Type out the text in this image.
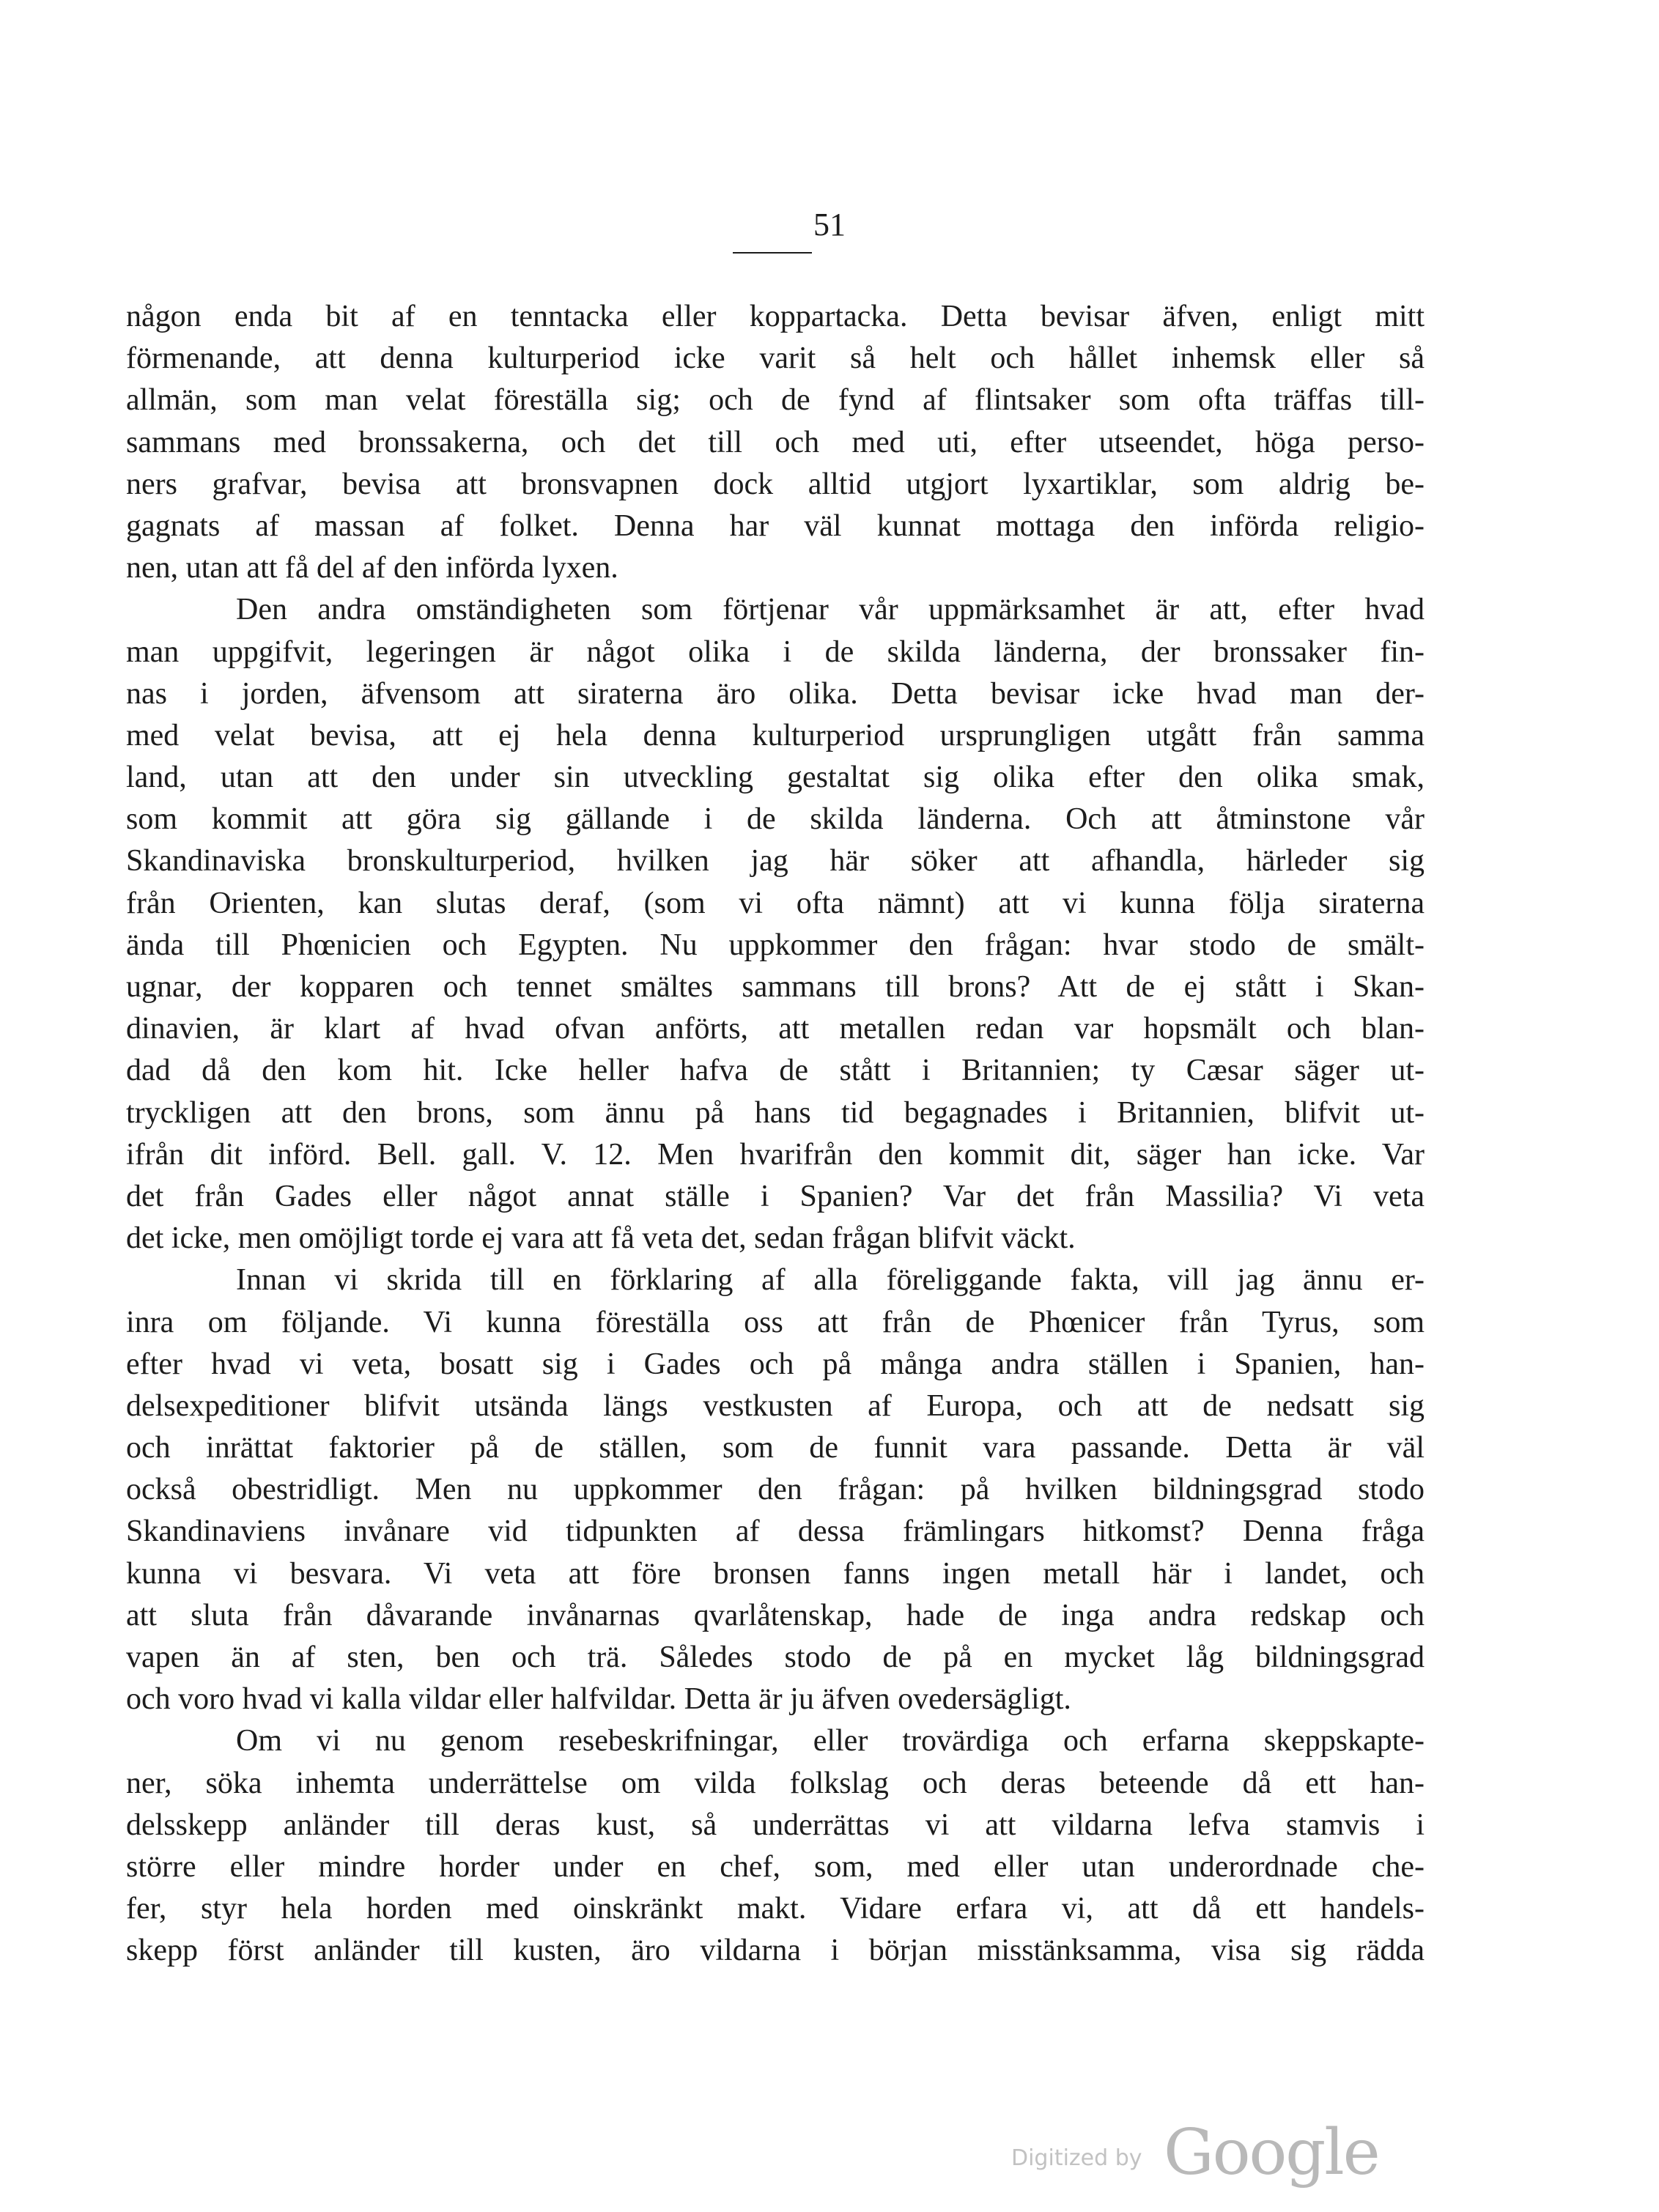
51
någon enda bit af en tenntacka eller koppartacka. Detta bevisar äfven, enligt mitt
förmenande, att denna kulturperiod icke varit så helt och hållet inhemsk eller så
allmän, som man velat föreställa sig; och de fynd af flintsaker som ofta träffas till-
sammans med bronssakerna, och det till och med uti, efter utseendet, höga perso-
ners grafvar, bevisa att bronsvapnen dock alltid utgjort lyxartiklar, som aldrig be-
gagnats af massan af folket. Denna har väl kunnat mottaga den införda religio-
nen, utan att få del af den införda lyxen.
Den andra omständigheten som förtjenar vår uppmärksamhet är att, efter hvad
man uppgifvit, legeringen är något olika i de skilda länderna, der bronssaker fin-
nas i jorden, äfvensom att siraterna äro olika. Detta bevisar icke hvad man der-
med velat bevisa, att ej hela denna kulturperiod ursprungligen utgått från samma
land, utan att den under sin utveckling gestaltat sig olika efter den olika smak,
som kommit att göra sig gällande i de skilda länderna. Och att åtminstone vår
Skandinaviska bronskulturperiod, hvilken jag här söker att afhandla, härleder sig
från Orienten, kan slutas deraf, (som vi ofta nämnt) att vi kunna följa siraterna
ända till Phœnicien och Egypten. Nu uppkommer den frågan: hvar stodo de smält-
ugnar, der kopparen och tennet smältes sammans till brons? Att de ej stått i Skan-
dinavien, är klart af hvad ofvan anförts, att metallen redan var hopsmält och blan-
dad då den kom hit. Icke heller hafva de stått i Britannien; ty Cæsar säger ut-
tryckligen att den brons, som ännu på hans tid begagnades i Britannien, blifvit ut-
ifrån dit införd. Bell. gall. V. 12. Men hvarifrån den kommit dit, säger han icke. Var
det från Gades eller något annat ställe i Spanien? Var det från Massilia? Vi veta
det icke, men omöjligt torde ej vara att få veta det, sedan frågan blifvit väckt.
Innan vi skrida till en förklaring af alla föreliggande fakta, vill jag ännu er-
inra om följande. Vi kunna föreställa oss att från de Phœnicer från Tyrus, som
efter hvad vi veta, bosatt sig i Gades och på många andra ställen i Spanien, han-
delsexpeditioner blifvit utsända längs vestkusten af Europa, och att de nedsatt sig
och inrättat faktorier på de ställen, som de funnit vara passande. Detta är väl
också obestridligt. Men nu uppkommer den frågan: på hvilken bildningsgrad stodo
Skandinaviens invånare vid tidpunkten af dessa främlingars hitkomst? Denna fråga
kunna vi besvara. Vi veta att före bronsen fanns ingen metall här i landet, och
att sluta från dåvarande invånarnas qvarlåtenskap, hade de inga andra redskap och
vapen än af sten, ben och trä. Således stodo de på en mycket låg bildningsgrad
och voro hvad vi kalla vildar eller halfvildar. Detta är ju äfven ovedersägligt.
Om vi nu genom resebeskrifningar, eller trovärdiga och erfarna skeppskapte-
ner, söka inhemta underrättelse om vilda folkslag och deras beteende då ett han-
delsskepp anländer till deras kust, så underrättas vi att vildarna lefva stamvis i
större eller mindre horder under en chef, som, med eller utan underordnade che-
fer, styr hela horden med oinskränkt makt. Vidare erfara vi, att då ett handels-
skepp först anländer till kusten, äro vildarna i början misstänksamma, visa sig rädda
Digitized by Google
